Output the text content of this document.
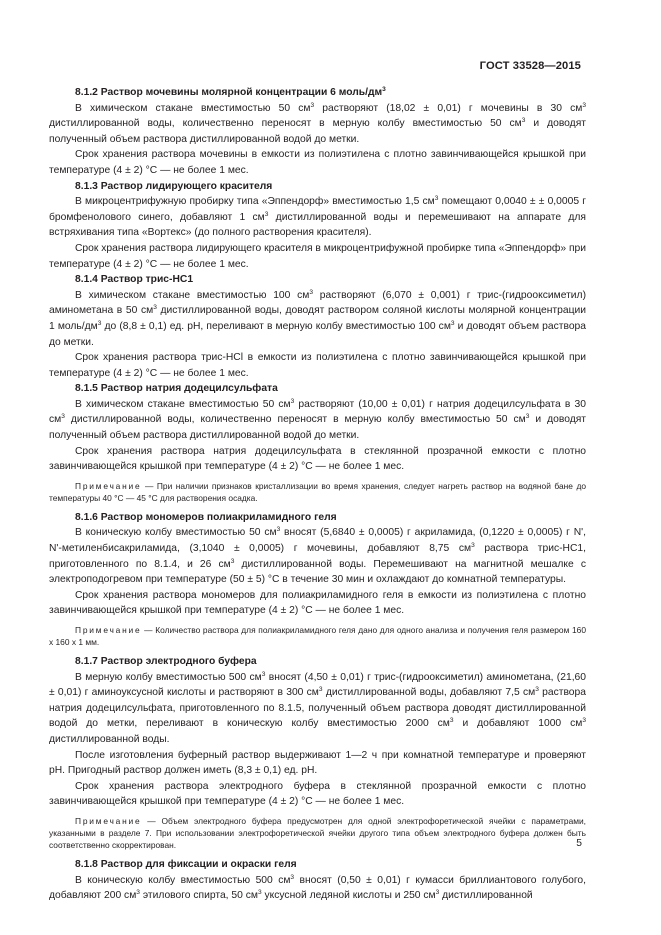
ГОСТ 33528—2015
8.1.2 Раствор мочевины молярной концентрации 6 моль/$дм^3$

В химическом стакане вместимостью 50 $см^3$ растворяют (18,02 ± 0,01) г мочевины в 30 $см^3$ дистиллированной воды, количественно переносят в мерную колбу вместимостью 50 $см^3$ и доводят полученный объем раствора дистиллированной водой до метки.

Срок хранения раствора мочевины в емкости из полиэтилена с плотно завинчивающейся крышкой при температуре (4 ± 2) °С — не более 1 мес.

8.1.3 Раствор лидирующего красителя

В микроцентрифужную пробирку типа «Эппендорф» вместимостью 1,5 $см^3$ помещают 0,0040 ± ± 0,0005 г бромфенолового синего, добавляют 1 $см^3$ дистиллированной воды и перемешивают на аппарате для встряхивания типа «Вортекс» (до полного растворения красителя).

Срок хранения раствора лидирующего красителя в микроцентрифужной пробирке типа «Эппендорф» при температуре (4 ± 2) °С — не более 1 мес.

8.1.4 Раствор трис-HC1

В химическом стакане вместимостью 100 $см^3$ растворяют (6,070 ± 0,001) г трис-(гидрооксиметил) аминометана в 50 $см^3$ дистиллированной воды, доводят раствором соляной кислоты молярной концентрации 1 моль/$дм^3$ до (8,8 ± 0,1) ед. pH, переливают в мерную колбу вместимостью 100 $см^3$ и доводят объем раствора до метки.

Срок хранения раствора трис-HCl в емкости из полиэтилена с плотно завинчивающейся крышкой при температуре (4 ± 2) °С — не более 1 мес.

8.1.5 Раствор натрия додецилсульфата

В химическом стакане вместимостью 50 $см^3$ растворяют (10,00 ± 0,01) г натрия додецилсульфата в 30 $см^3$ дистиллированной воды, количественно переносят в мерную колбу вместимостью 50 $см^3$ и доводят полученный объем раствора дистиллированной водой до метки.

Срок хранения раствора натрия додецилсульфата в стеклянной прозрачной емкости с плотно завинчивающейся крышкой при температуре (4 ± 2) °С — не более 1 мес.

Примечание — При наличии признаков кристаллизации во время хранения, следует нагреть раствор на водяной бане до температуры 40 °С — 45 °С для растворения осадка.

8.1.6 Раствор мономеров полиакриламидного геля

В коническую колбу вместимостью 50 $см^3$ вносят (5,6840 ± 0,0005) г акриламида, (0,1220 ± 0,0005) г N', N'-метиленбисакриламида, (3,1040 ± 0,0005) г мочевины, добавляют 8,75 $см^3$ раствора трис-HC1, приготовленного по 8.1.4, и 26 $см^3$ дистиллированной воды. Перемешивают на магнитной мешалке с электроподогревом при температуре (50 ± 5) °С в течение 30 мин и охлаждают до комнатной температуры.

Срок хранения раствора мономеров для полиакриламидного геля в емкости из полиэтилена с плотно завинчивающейся крышкой при температуре (4 ± 2) °С — не более 1 мес.

Примечание — Количество раствора для полиакриламидного геля дано для одного анализа и получения геля размером 160 x 160 x 1 мм.

8.1.7 Раствор электродного буфера

В мерную колбу вместимостью 500 $см^3$ вносят (4,50 ± 0,01) г трис-(гидрооксиметил) аминометана, (21,60 ± 0,01) г аминоуксусной кислоты и растворяют в 300 $см^3$ дистиллированной воды, добавляют 7,5 $см^3$ раствора натрия додецилсульфата, приготовленного по 8.1.5, полученный объем раствора доводят дистиллированной водой до метки, переливают в коническую колбу вместимостью 2000 $см^3$ и добавляют 1000 $см^3$ дистиллированной воды.

После изготовления буферный раствор выдерживают 1—2 ч при комнатной температуре и проверяют pH. Пригодный раствор должен иметь (8,3 ± 0,1) ед. pH.

Срок хранения раствора электродного буфера в стеклянной прозрачной емкости с плотно завинчивающейся крышкой при температуре (4 ± 2) °С — не более 1 мес.

Примечание — Объем электродного буфера предусмотрен для одной электрофоретической ячейки с параметрами, указанными в разделе 7. При использовании электрофоретической ячейки другого типа объем электродного буфера должен быть соответственно скорректирован.

8.1.8 Раствор для фиксации и окраски геля

В коническую колбу вместимостью 500 $см^3$ вносят (0,50 ± 0,01) г кумасси бриллиантового голубого, добавляют 200 $см^3$ этилового спирта, 50 $см^3$ уксусной ледяной кислоты и 250 $см^3$ дистиллированной

5
